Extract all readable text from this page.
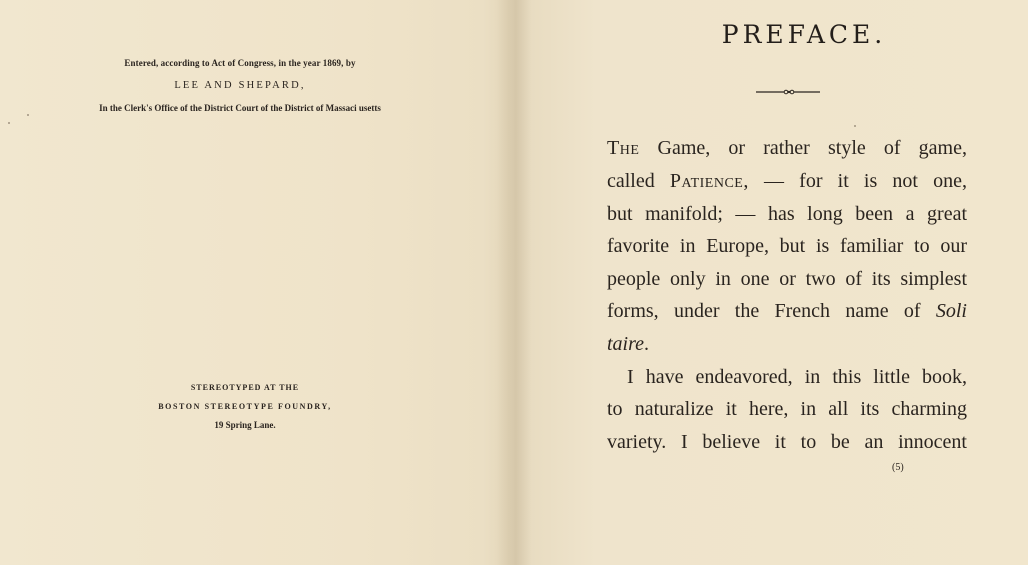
Entered, according to Act of Congress, in the year 1869, by
LEE AND SHEPARD,
In the Clerk's Office of the District Court of the District of Massaci usetts
STEREOTYPED AT THE
BOSTON STEREOTYPE FOUNDRY,
19 Spring Lane.
PREFACE.
The Game, or rather style of game,
called Patience, — for it is not one,
but manifold; — has long been a great
favorite in Europe, but is familiar to our
people only in one or two of its simplest
forms, under the French name of Soli
taire.
I have endeavored, in this little book,
to naturalize it here, in all its charming
variety. I believe it to be an innocent
(5)
